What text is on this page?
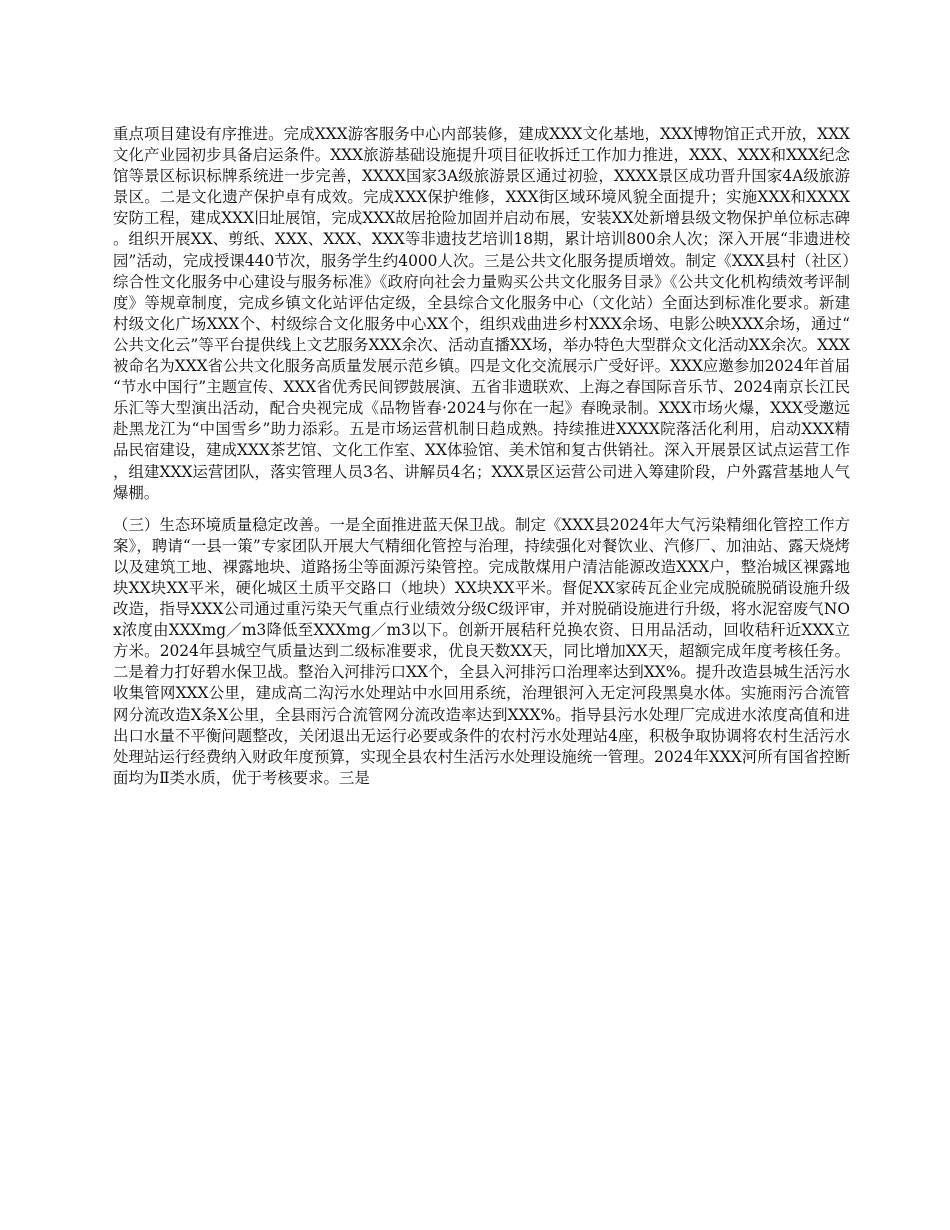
重点项目建设有序推进。完成XXX游客服务中心内部装修，建成XXX文化基地，XXX博物馆正式开放，XXX文化产业园初步具备启运条件。XXX旅游基础设施提升项目征收拆迁工作加力推进，XXX、XXX和XXX纪念馆等景区标识标牌系统进一步完善，XXXX国家3A级旅游景区通过初验，XXXX景区成功晋升国家4A级旅游景区。二是文化遗产保护卓有成效。完成XXX保护维修，XXX街区域环境风貌全面提升；实施XXX和XXXX安防工程，建成XXX旧址展馆，完成XXX故居抢险加固并启动布展，安装XX处新增县级文物保护单位标志碑。组织开展XX、剪纸、XXX、XXX、XXX等非遗技艺培训18期，累计培训800余人次；深入开展“非遗进校园”活动，完成授课440节次，服务学生约4000人次。三是公共文化服务提质增效。制定《XXX县村（社区）综合性文化服务中心建设与服务标准》《政府向社会力量购买公共文化服务目录》《公共文化机构绩效考评制度》等规章制度，完成乡镇文化站评估定级，全县综合文化服务中心（文化站）全面达到标准化要求。新建村级文化广场XXX个、村级综合文化服务中心XX个，组织戏曲进乡村XXX余场、电影公映XXX余场，通过“公共文化云”等平台提供线上文艺服务XXX余次、活动直播XX场，举办特色大型群众文化活动XX余次。XXX被命名为XXX省公共文化服务高质量发展示范乡镇。四是文化交流展示广受好评。XXX应邀参加2024年首届“节水中国行”主题宣传、XXX省优秀民间锣鼓展演、五省非遗联欢、上海之春国际音乐节、2024南京长江民乐汇等大型演出活动，配合央视完成《品物皆春·2024与你在一起》春晚录制。XXX市场火爆，XXX受邀远赴黑龙江为“中国雪乡”助力添彩。五是市场运营机制日趋成熟。持续推进XXXX院落活化利用，启动XXX精品民宿建设，建成XXX茶艺馆、文化工作室、XX体验馆、美术馆和复古供销社。深入开展景区试点运营工作，组建XXX运营团队，落实管理人员3名、讲解员4名；XXX景区运营公司进入筹建阶段，户外露营基地人气爆棚。

（三）生态环境质量稳定改善。一是全面推进蓝天保卫战。制定《XXX县2024年大气污染精细化管控工作方案》，聘请“一县一策”专家团队开展大气精细化管控与治理，持续强化对餐饮业、汽修厂、加油站、露天烧烤以及建筑工地、裸露地块、道路扬尘等面源污染管控。完成散煤用户清洁能源改造XXX户，整治城区裸露地块XX块XX平米，硬化城区土质平交路口（地块）XX块XX平米。督促XX家砖瓦企业完成脱硫脱硝设施升级改造，指导XXX公司通过重污染天气重点行业绩效分级C级评审，并对脱硝设施进行升级，将水泥窑废气NOx浓度由XXXmg／m3降低至XXXmg／m3以下。创新开展秸秆兑换农资、日用品活动，回收秸秆近XXX立方米。2024年县城空气质量达到二级标准要求，优良天数XX天，同比增加XX天，超额完成年度考核任务。二是着力打好碧水保卫战。整治入河排污口XX个，全县入河排污口治理率达到XX%。提升改造县城生活污水收集管网XXX公里，建成高二沟污水处理站中水回用系统，治理银河入无定河段黑臭水体。实施雨污合流管网分流改造X条X公里，全县雨污合流管网分流改造率达到XXX%。指导县污水处理厂完成进水浓度高值和进出口水量不平衡问题整改，关闭退出无运行必要或条件的农村污水处理站4座，积极争取协调将农村生活污水处理站运行经费纳入财政年度预算，实现全县农村生活污水处理设施统一管理。2024年XXX河所有国省控断面均为Ⅱ类水质，优于考核要求。三是
